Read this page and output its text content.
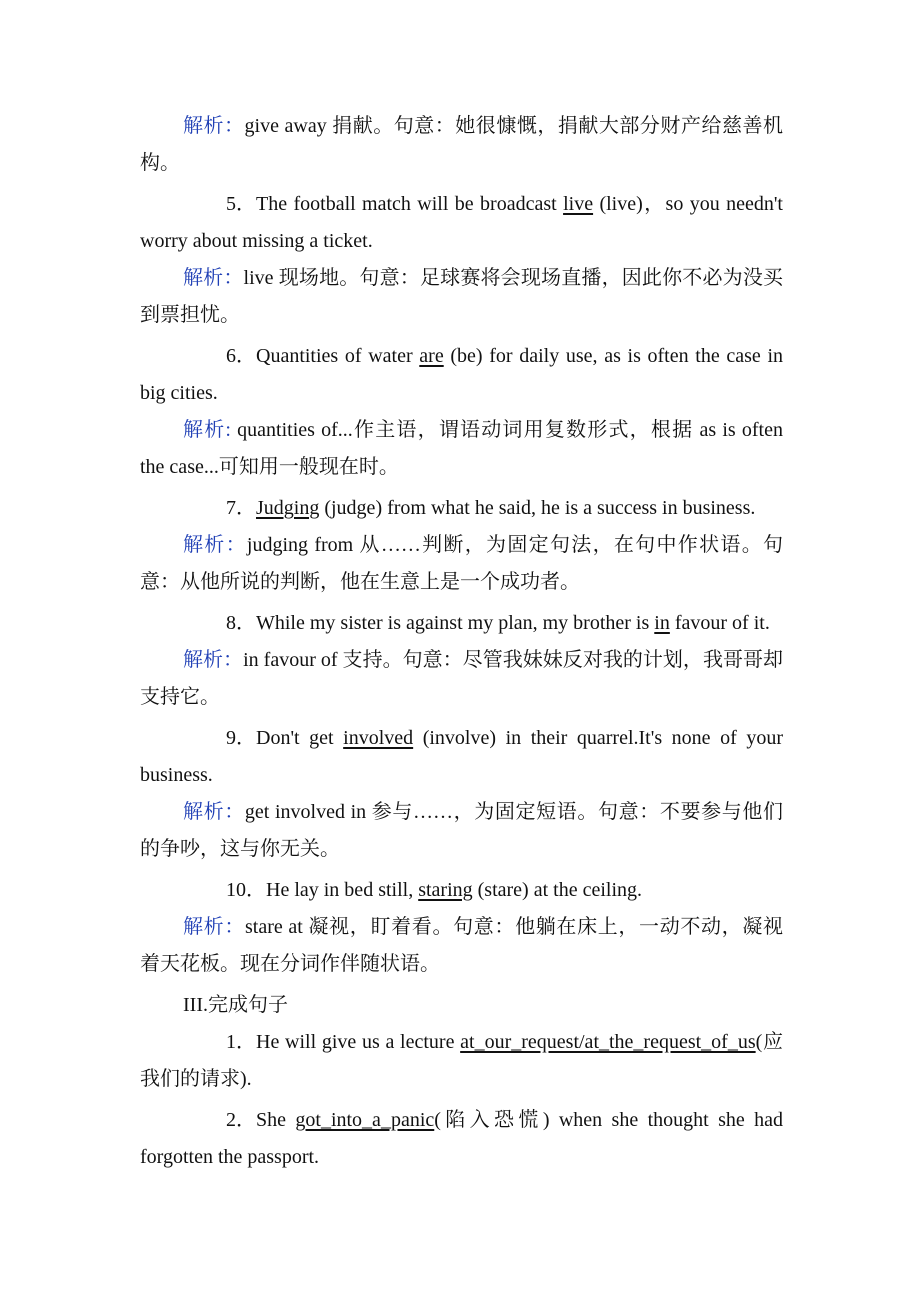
解析：give away 捐献。句意：她很慷慨，捐献大部分财产给慈善机构。

5．The football match will be broadcast live (live)，so you needn't worry about missing a ticket.

解析：live 现场地。句意：足球赛将会现场直播，因此你不必为没买到票担忧。

6．Quantities of water are (be) for daily use, as is often the case in big cities.

解析: quantities of...作主语，谓语动词用复数形式，根据 as is often the case...可知用一般现在时。

7．Judging (judge) from what he said, he is a success in business.

解析：judging from 从……判断，为固定句法，在句中作状语。句意：从他所说的判断，他在生意上是一个成功者。

8．While my sister is against my plan, my brother is in favour of it.

解析：in favour of 支持。句意：尽管我妹妹反对我的计划，我哥哥却支持它。

9．Don't get involved (involve) in their quarrel.It's none of your business.

解析：get involved in 参与……，为固定短语。句意：不要参与他们的争吵，这与你无关。

10．He lay in bed still, staring (stare) at the ceiling.

解析：stare at 凝视，盯着看。句意：他躺在床上，一动不动，凝视着天花板。现在分词作伴随状语。

III.完成句子

1．He will give us a lecture at_our_request/at_the_request_of_us(应我们的请求).

2．She got_into_a_panic(陷入恐慌) when she thought she had forgotten the passport.
